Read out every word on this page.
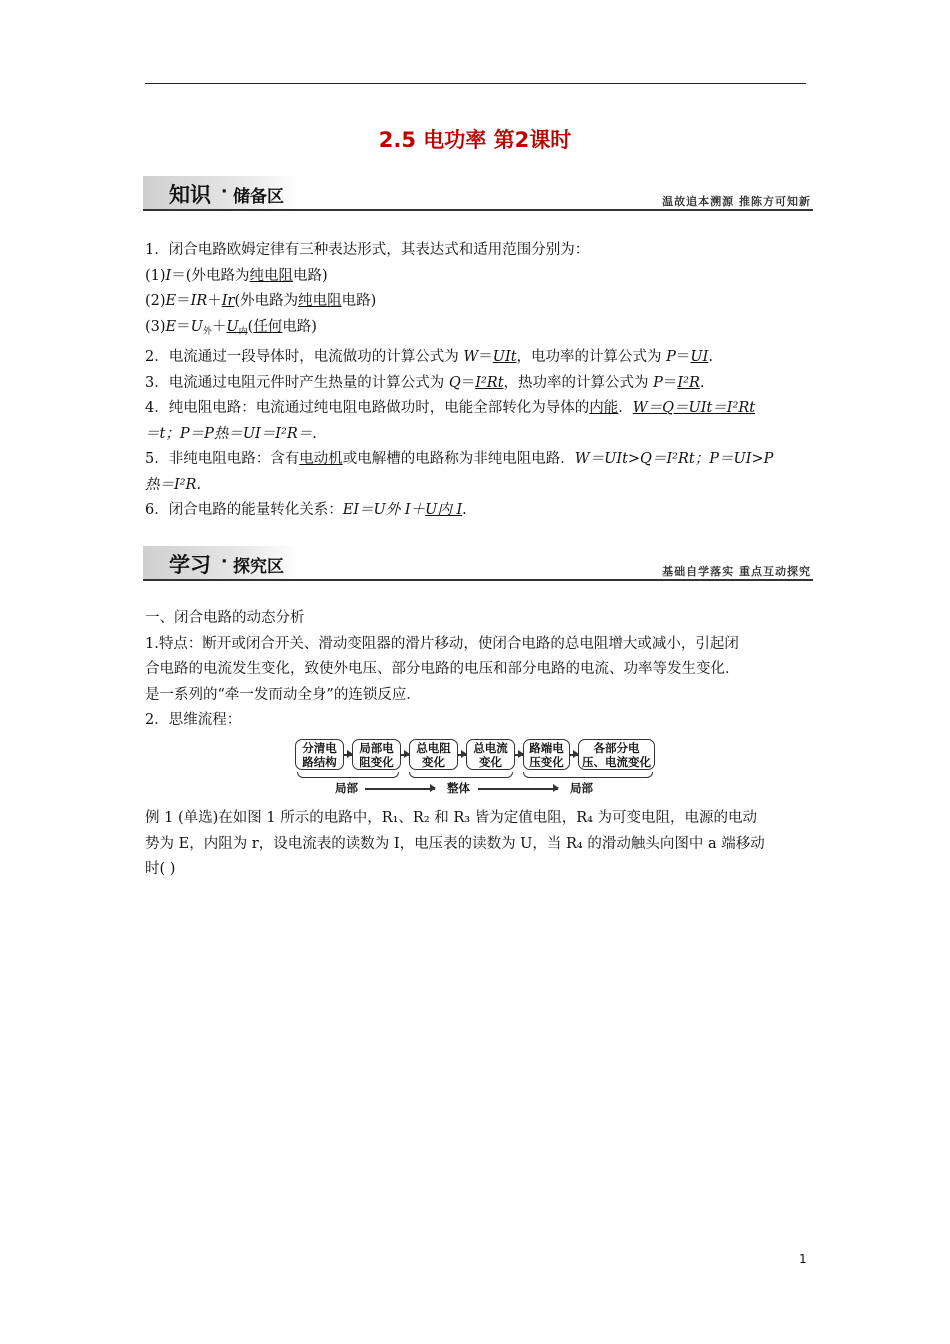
2.5 电功率 第2课时
知识 · 储备区	温故追本溯源 推陈方可知新
1．闭合电路欧姆定律有三种表达形式，其表达式和适用范围分别为：
(1)I＝(外电路为纯电阻电路)
(2)E＝IR＋Ir(外电路为纯电阻电路)
$(3)E=U_外+U_内$(任何电路)
2．电流通过一段导体时，电流做功的计算公式为 W＝UIt，电功率的计算公式为 P＝UI.
3．电流通过电阻元件时产生热量的计算公式为 Q＝I²Rt，热功率的计算公式为 P＝I²R.
4．纯电阻电路：电流通过纯电阻电路做功时，电能全部转化为导体的内能．W＝Q＝UIt＝I²Rt
＝t；P＝P热＝UI＝I²R＝.
5．非纯电阻电路：含有电动机或电解槽的电路称为非纯电阻电路．W＝UIt>Q＝I²Rt；P＝UI>P
热＝I²R.
6．闭合电路的能量转化关系：EI＝U外 I＋U内 I.
学习 · 探究区	基础自学落实 重点互动探究
一、闭合电路的动态分析
1.特点：断开或闭合开关、滑动变阻器的滑片移动，使闭合电路的总电阻增大或减小，引起闭
合电路的电流发生变化，致使外电压、部分电路的电压和部分电路的电流、功率等发生变化．
是一系列的“牵一发而动全身”的连锁反应．
2．思维流程：
分清电
路结构
局部电
阻变化
总电阻
变化
总电流
变化
路端电
压变化
各部分电
压、电流变化
局部	整体	局部
例 1 (单选)在如图 1 所示的电路中，R₁、R₂ 和 R₃ 皆为定值电阻，R₄ 为可变电阻，电源的电动
势为 E，内阻为 r，设电流表的读数为 I，电压表的读数为 U，当 R₄ 的滑动触头向图中 a 端移动
时( )
1
